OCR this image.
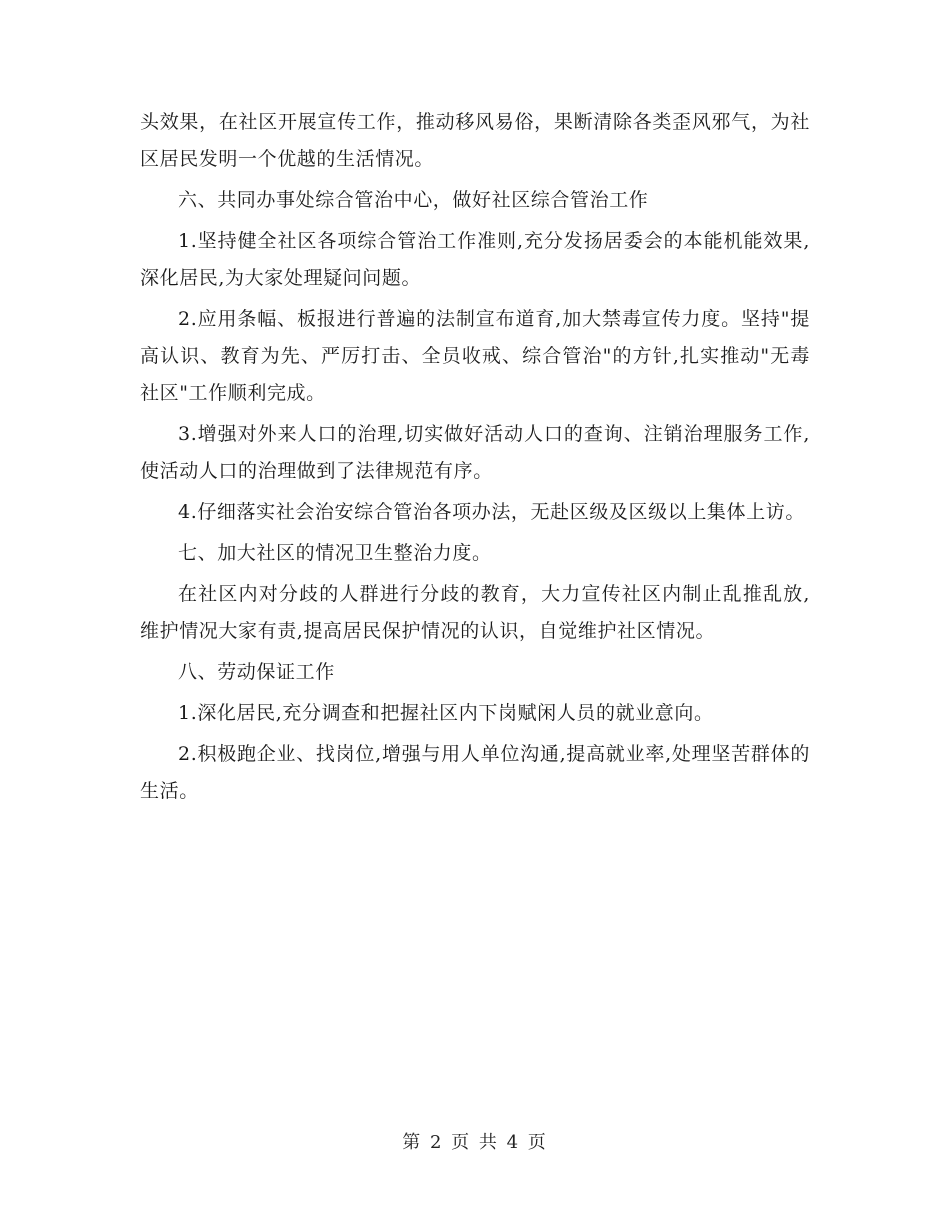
头效果，在社区开展宣传工作，推动移风易俗，果断清除各类歪风邪气，为社区居民发明一个优越的生活情况。

六、共同办事处综合管治中心，做好社区综合管治工作

1.坚持健全社区各项综合管治工作准则,充分发扬居委会的本能机能效果,深化居民,为大家处理疑问问题。

2.应用条幅、板报进行普遍的法制宣布道育,加大禁毒宣传力度。坚持"提高认识、教育为先、严厉打击、全员收戒、综合管治"的方针,扎实推动"无毒社区"工作顺利完成。

3.增强对外来人口的治理,切实做好活动人口的查询、注销治理服务工作,使活动人口的治理做到了法律规范有序。

4.仔细落实社会治安综合管治各项办法，无赴区级及区级以上集体上访。

七、加大社区的情况卫生整治力度。

在社区内对分歧的人群进行分歧的教育，大力宣传社区内制止乱推乱放,维护情况大家有责,提高居民保护情况的认识，自觉维护社区情况。

八、劳动保证工作

1.深化居民,充分调查和把握社区内下岗赋闲人员的就业意向。

2.积极跑企业、找岗位,增强与用人单位沟通,提高就业率,处理坚苦群体的生活。

第 2 页 共 4 页
